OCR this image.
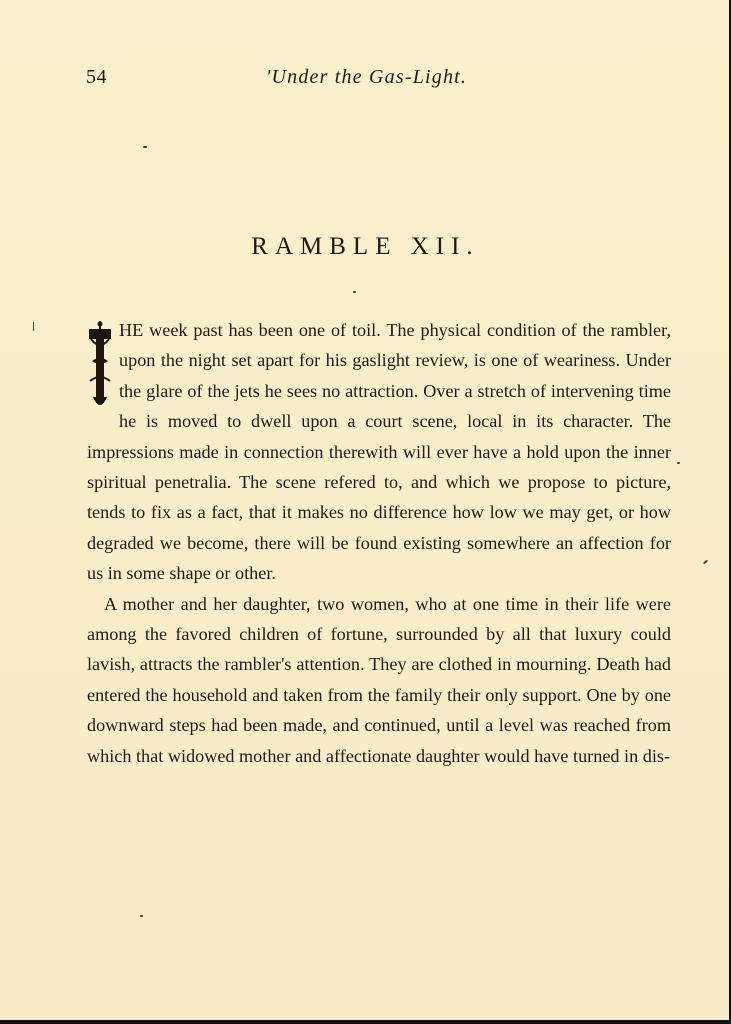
54	'Under the Gas-Light.
RAMBLE XII.

HE week past has been one of toil. The physical condition of the rambler, upon the night set apart for his gaslight review, is one of weariness. Under the glare of the jets he sees no attraction. Over a stretch of intervening time he is moved to dwell upon a court scene, local in its character. The impressions made in connection therewith will ever have a hold upon the inner spiritual penetralia. The scene refered to, and which we propose to picture, tends to fix as a fact, that it makes no difference how low we may get, or how degraded we become, there will be found existing somewhere an affection for us in some shape or other.

A mother and her daughter, two women, who at one time in their life were among the favored children of fortune, surrounded by all that luxury could lavish, attracts the rambler's attention. They are clothed in mourning. Death had entered the household and taken from the family their only support. One by one downward steps had been made, and continued, until a level was reached from which that widowed mother and affectionate daughter would have turned in dis-
